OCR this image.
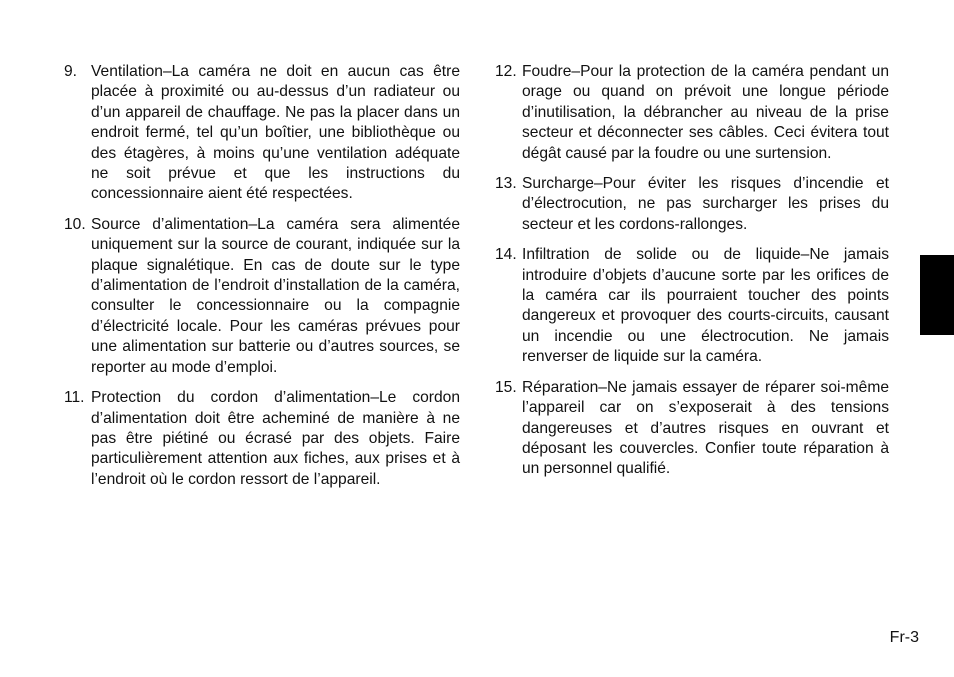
9. Ventilation–La caméra ne doit en aucun cas être placée à proximité ou au-dessus d’un radiateur ou d’un appareil de chauffage. Ne pas la placer dans un endroit fermé, tel qu’un boîtier, une bibliothèque ou des étagères, à moins qu’une ventilation adéquate ne soit prévue et que les instructions du concessionnaire aient été respectées.
10. Source d’alimentation–La caméra sera alimentée uniquement sur la source de courant, indiquée sur la plaque signalétique. En cas de doute sur le type d’alimentation de l’endroit d’installation de la caméra, consulter le concessionnaire ou la compagnie d’électricité locale. Pour les caméras prévues pour une alimentation sur batterie ou d’autres sources, se reporter au mode d’emploi.
11. Protection du cordon d’alimentation–Le cordon d’alimentation doit être acheminé de manière à ne pas être piétiné ou écrasé par des objets. Faire particulièrement attention aux fiches, aux prises et à l’endroit où le cordon ressort de l’appareil.
12. Foudre–Pour la protection de la caméra pendant un orage ou quand on prévoit une longue période d’inutilisation, la débrancher au niveau de la prise secteur et déconnecter ses câbles. Ceci évitera tout dégât causé par la foudre ou une surtension.
13. Surcharge–Pour éviter les risques d’incendie et d’électrocution, ne pas surcharger les prises du secteur et les cordons-rallonges.
14. Infiltration de solide ou de liquide–Ne jamais introduire d’objets d’aucune sorte par les orifices de la caméra car ils pourraient toucher des points dangereux et provoquer des courts-circuits, causant un incendie ou une électrocution. Ne jamais renverser de liquide sur la caméra.
15. Réparation–Ne jamais essayer de réparer soi-même l’appareil car on s’exposerait à des tensions dangereuses et d’autres risques en ouvrant et déposant les couvercles. Confier toute réparation à un personnel qualifié.
Fr-3
